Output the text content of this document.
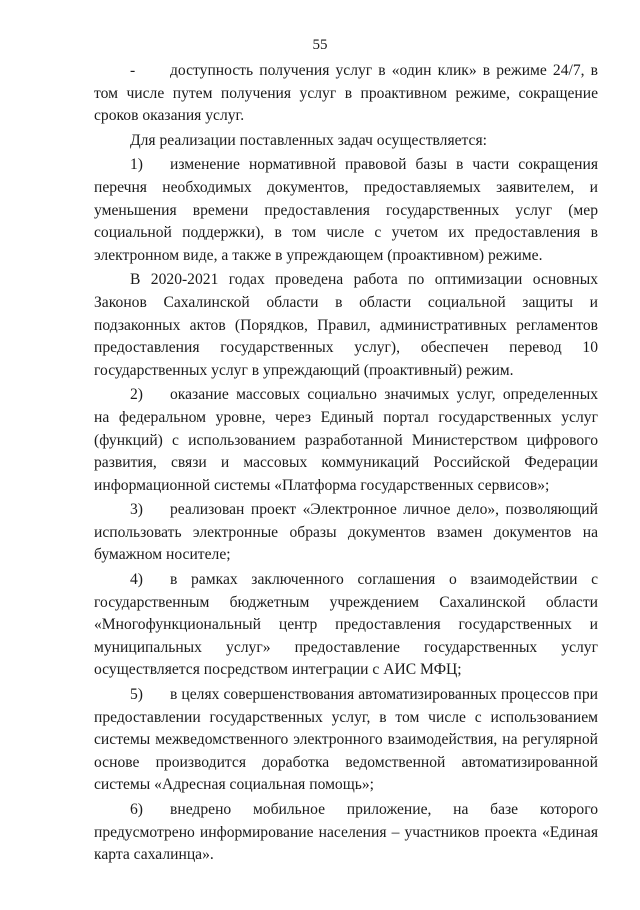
55

- доступность получения услуг в «один клик» в режиме 24/7, в том числе путем получения услуг в проактивном режиме, сокращение сроков оказания услуг.

Для реализации поставленных задач осуществляется:

1) изменение нормативной правовой базы в части сокращения перечня необходимых документов, предоставляемых заявителем, и уменьшения времени предоставления государственных услуг (мер социальной поддержки), в том числе с учетом их предоставления в электронном виде, а также в упреждающем (проактивном) режиме.

В 2020-2021 годах проведена работа по оптимизации основных Законов Сахалинской области в области социальной защиты и подзаконных актов (Порядков, Правил, административных регламентов предоставления государственных услуг), обеспечен перевод 10 государственных услуг в упреждающий (проактивный) режим.

2) оказание массовых социально значимых услуг, определенных на федеральном уровне, через Единый портал государственных услуг (функций) с использованием разработанной Министерством цифрового развития, связи и массовых коммуникаций Российской Федерации информационной системы «Платформа государственных сервисов»;

3) реализован проект «Электронное личное дело», позволяющий использовать электронные образы документов взамен документов на бумажном носителе;

4) в рамках заключенного соглашения о взаимодействии с государственным бюджетным учреждением Сахалинской области «Многофункциональный центр предоставления государственных и муниципальных услуг» предоставление государственных услуг осуществляется посредством интеграции с АИС МФЦ;

5) в целях совершенствования автоматизированных процессов при предоставлении государственных услуг, в том числе с использованием системы межведомственного электронного взаимодействия, на регулярной основе производится доработка ведомственной автоматизированной системы «Адресная социальная помощь»;

6) внедрено мобильное приложение, на базе которого предусмотрено информирование населения – участников проекта «Единая карта сахалинца».
